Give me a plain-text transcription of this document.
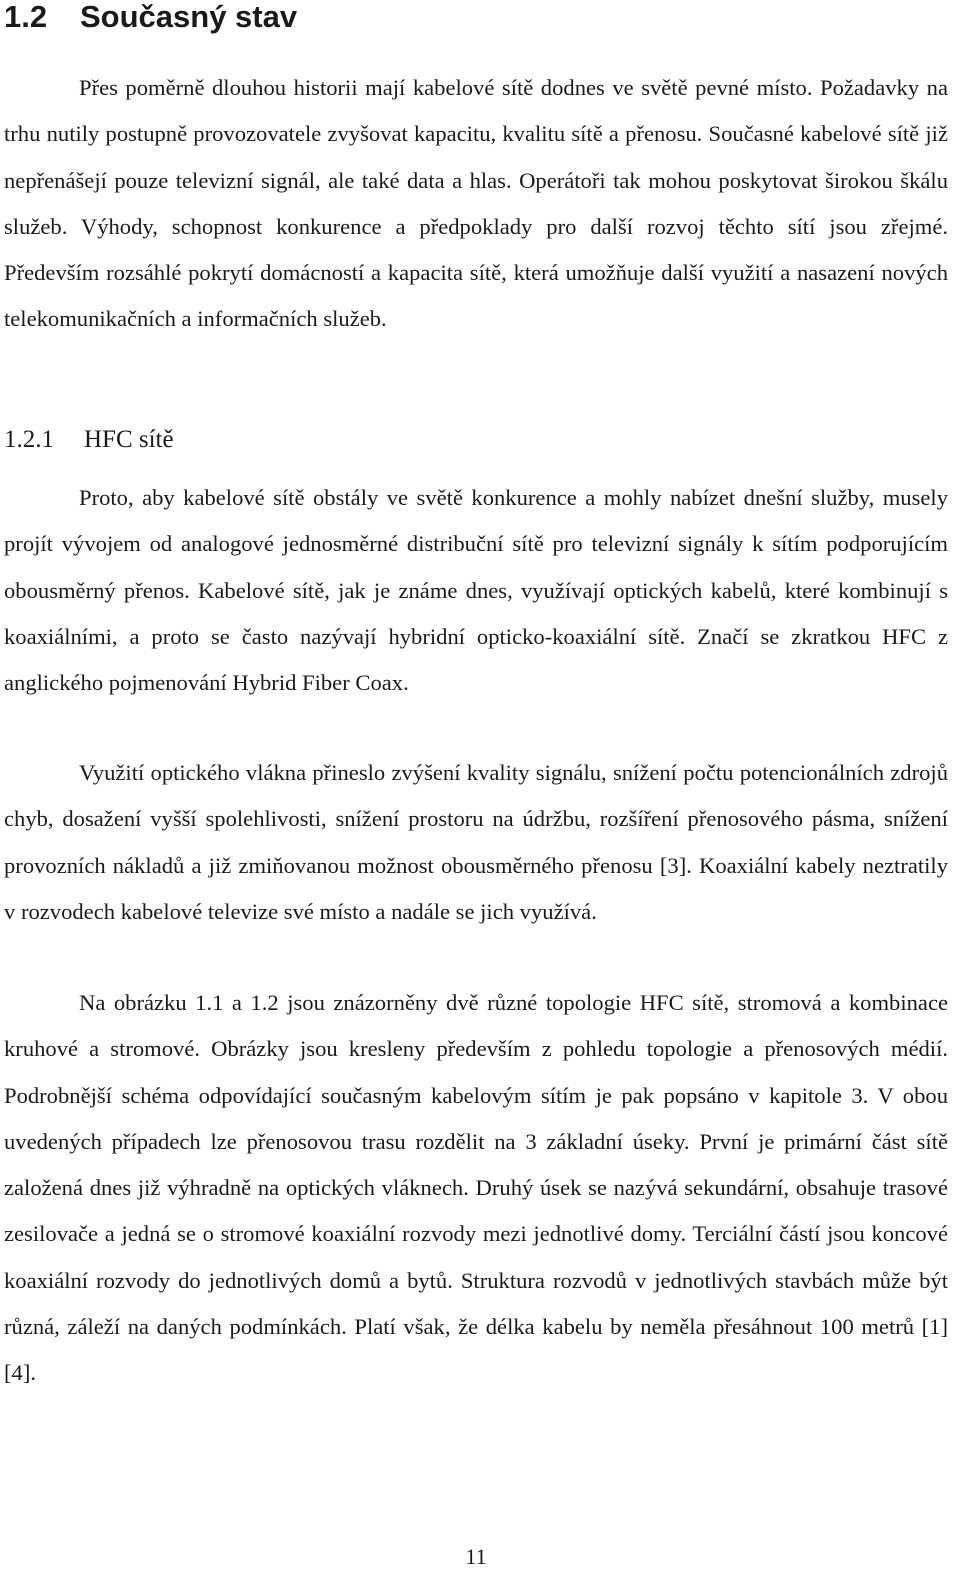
1.2 Současný stav

Přes poměrně dlouhou historii mají kabelové sítě dodnes ve světě pevné místo. Požadavky na trhu nutily postupně provozovatele zvyšovat kapacitu, kvalitu sítě a přenosu. Současné kabelové sítě již nepřenášejí pouze televizní signál, ale také data a hlas. Operátoři tak mohou poskytovat širokou škálu služeb. Výhody, schopnost konkurence a předpoklady pro další rozvoj těchto sítí jsou zřejmé. Především rozsáhlé pokrytí domácností a kapacita sítě, která umožňuje další využití a nasazení nových telekomunikačních a informačních služeb.

1.2.1 HFC sítě

Proto, aby kabelové sítě obstály ve světě konkurence a mohly nabízet dnešní služby, musely projít vývojem od analogové jednosměrné distribuční sítě pro televizní signály k sítím podporujícím obousměrný přenos. Kabelové sítě, jak je známe dnes, využívají optických kabelů, které kombinují s koaxiálními, a proto se často nazývají hybridní opticko-koaxiální sítě. Značí se zkratkou HFC z anglického pojmenování Hybrid Fiber Coax.

Využití optického vlákna přineslo zvýšení kvality signálu, snížení počtu potencionálních zdrojů chyb, dosažení vyšší spolehlivosti, snížení prostoru na údržbu, rozšíření přenosového pásma, snížení provozních nákladů a již zmiňovanou možnost obousměrného přenosu [3]. Koaxiální kabely neztratily v rozvodech kabelové televize své místo a nadále se jich využívá.

Na obrázku 1.1 a 1.2 jsou znázorněny dvě různé topologie HFC sítě, stromová a kombinace kruhové a stromové. Obrázky jsou kresleny především z pohledu topologie a přenosových médií. Podrobnější schéma odpovídající současným kabelovým sítím je pak popsáno v kapitole 3. V obou uvedených případech lze přenosovou trasu rozdělit na 3 základní úseky. První je primární část sítě založená dnes již výhradně na optických vláknech. Druhý úsek se nazývá sekundární, obsahuje trasové zesilovače a jedná se o stromové koaxiální rozvody mezi jednotlivé domy. Terciální částí jsou koncové koaxiální rozvody do jednotlivých domů a bytů. Struktura rozvodů v jednotlivých stavbách může být různá, záleží na daných podmínkách. Platí však, že délka kabelu by neměla přesáhnout 100 metrů [1][4].

11
